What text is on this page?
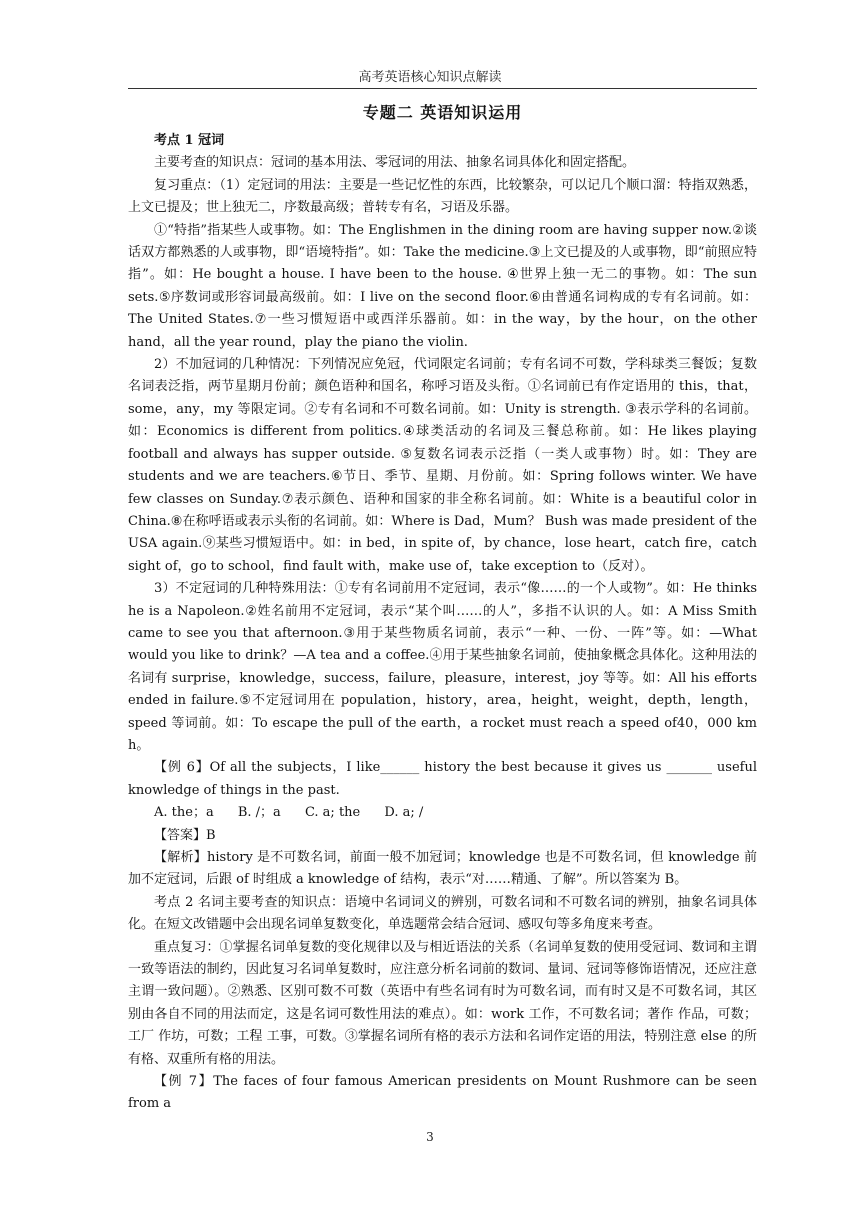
高考英语核心知识点解读
专题二 英语知识运用

考点 1 冠词

主要考查的知识点：冠词的基本用法、零冠词的用法、抽象名词具体化和固定搭配。

复习重点：（1）定冠词的用法：主要是一些记忆性的东西，比较繁杂，可以记几个顺口溜：特指双熟悉，上文已提及；世上独无二，序数最高级；普转专有名，习语及乐器。

①“特指”指某些人或事物。如：The Englishmen in the dining room are having supper now.②谈话双方都熟悉的人或事物，即“语境特指”。如：Take the medicine.③上文已提及的人或事物，即“前照应特指”。如：He bought a house. I have been to the house. ④世界上独一无二的事物。如：The sun sets.⑤序数词或形容词最高级前。如：I live on the second floor.⑥由普通名词构成的专有名词前。如：The United States.⑦一些习惯短语中或西洋乐器前。如：in the way，by the hour，on the other hand，all the year round，play the piano the violin.

2）不加冠词的几种情况：下列情况应免冠，代词限定名词前；专有名词不可数，学科球类三餐饭；复数名词表泛指，两节星期月份前；颜色语种和国名，称呼习语及头衔。①名词前已有作定语用的 this，that，some，any，my 等限定词。②专有名词和不可数名词前。如：Unity is strength. ③表示学科的名词前。如：Economics is different from politics.④球类活动的名词及三餐总称前。如：He likes playing football and always has supper outside. ⑤复数名词表示泛指（一类人或事物）时。如：They are students and we are teachers.⑥节日、季节、星期、月份前。如：Spring follows winter. We have few classes on Sunday.⑦表示颜色、语种和国家的非全称名词前。如：White is a beautiful color in China.⑧在称呼语或表示头衔的名词前。如：Where is Dad，Mum？ Bush was made president of the USA again.⑨某些习惯短语中。如：in bed，in spite of，by chance，lose heart，catch fire，catch sight of，go to school，find fault with，make use of，take exception to（反对）。

3）不定冠词的几种特殊用法：①专有名词前用不定冠词，表示“像……的一个人或物”。如：He thinks he is a Napoleon.②姓名前用不定冠词，表示“某个叫……的人”，多指不认识的人。如：A Miss Smith came to see you that afternoon.③用于某些物质名词前，表示“一种、一份、一阵”等。如：—What would you like to drink？—A tea and a coffee.④用于某些抽象名词前，使抽象概念具体化。这种用法的名词有 surprise，knowledge，success，failure，pleasure，interest，joy 等等。如：All his efforts ended in failure.⑤不定冠词用在 population，history，area，height，weight，depth，length，speed 等词前。如：To escape the pull of the earth，a rocket must reach a speed of40，000 km h。

【例 6】Of all the subjects，I like______ history the best because it gives us _______ useful knowledge of things in the past.

A. the；a B. /；a C. a; the D. a; /

【答案】B

【解析】history 是不可数名词，前面一般不加冠词；knowledge 也是不可数名词，但 knowledge 前加不定冠词，后跟 of 时组成 a knowledge of 结构，表示“对……精通、了解”。所以答案为 B。

考点 2 名词主要考查的知识点：语境中名词词义的辨别，可数名词和不可数名词的辨别，抽象名词具体化。在短文改错题中会出现名词单复数变化，单选题常会结合冠词、感叹句等多角度来考查。

重点复习：①掌握名词单复数的变化规律以及与相近语法的关系（名词单复数的使用受冠词、数词和主谓一致等语法的制约，因此复习名词单复数时，应注意分析名词前的数词、量词、冠词等修饰语情况，还应注意主谓一致问题）。②熟悉、区别可数不可数（英语中有些名词有时为可数名词，而有时又是不可数名词，其区别由各自不同的用法而定，这是名词可数性用法的难点）。如：work 工作，不可数名词；著作 作品，可数；工厂 作坊，可数；工程 工事，可数。③掌握名词所有格的表示方法和名词作定语的用法，特别注意 else 的所有格、双重所有格的用法。

【例 7】The faces of four famous American presidents on Mount Rushmore can be seen from a

3
